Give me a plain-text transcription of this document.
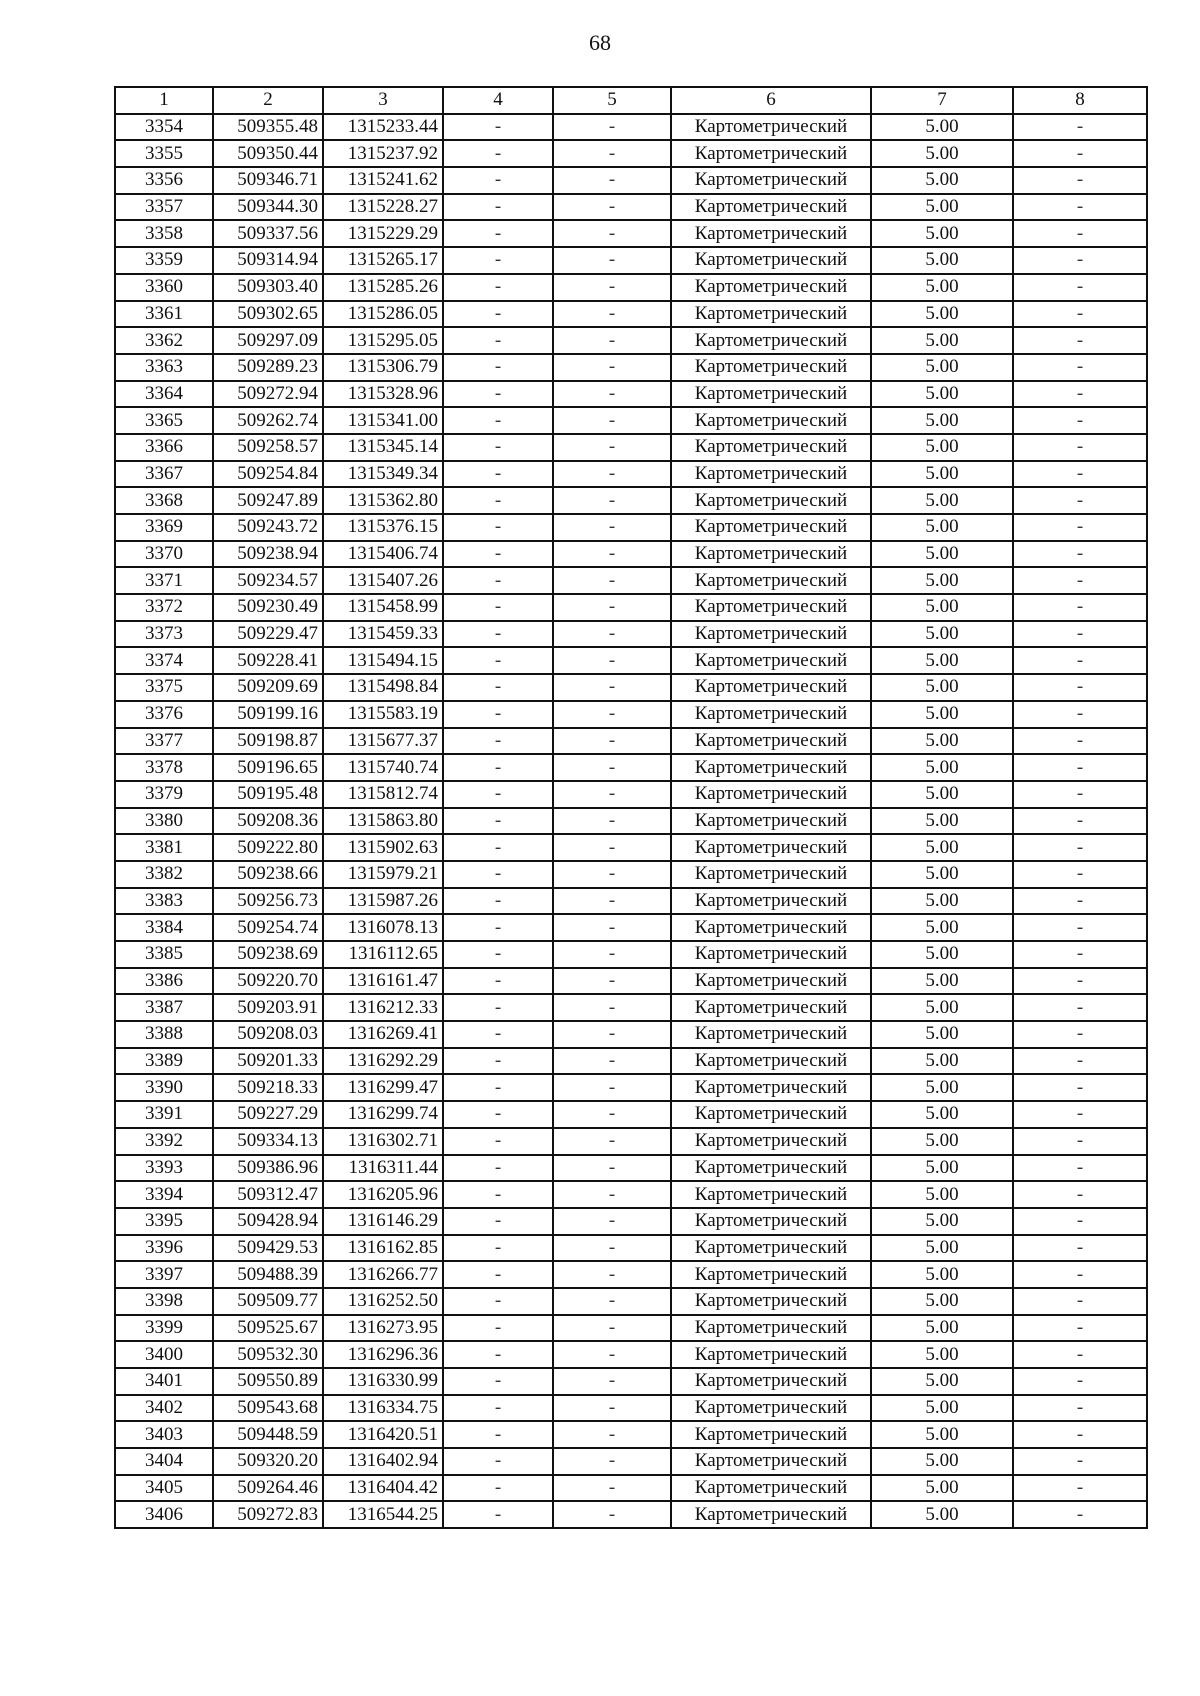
68
1	2	3	4	5	6	7	8
3354	509355.48	1315233.44	-	-	Картометрический	5.00	-
3355	509350.44	1315237.92	-	-	Картометрический	5.00	-
3356	509346.71	1315241.62	-	-	Картометрический	5.00	-
3357	509344.30	1315228.27	-	-	Картометрический	5.00	-
3358	509337.56	1315229.29	-	-	Картометрический	5.00	-
3359	509314.94	1315265.17	-	-	Картометрический	5.00	-
3360	509303.40	1315285.26	-	-	Картометрический	5.00	-
3361	509302.65	1315286.05	-	-	Картометрический	5.00	-
3362	509297.09	1315295.05	-	-	Картометрический	5.00	-
3363	509289.23	1315306.79	-	-	Картометрический	5.00	-
3364	509272.94	1315328.96	-	-	Картометрический	5.00	-
3365	509262.74	1315341.00	-	-	Картометрический	5.00	-
3366	509258.57	1315345.14	-	-	Картометрический	5.00	-
3367	509254.84	1315349.34	-	-	Картометрический	5.00	-
3368	509247.89	1315362.80	-	-	Картометрический	5.00	-
3369	509243.72	1315376.15	-	-	Картометрический	5.00	-
3370	509238.94	1315406.74	-	-	Картометрический	5.00	-
3371	509234.57	1315407.26	-	-	Картометрический	5.00	-
3372	509230.49	1315458.99	-	-	Картометрический	5.00	-
3373	509229.47	1315459.33	-	-	Картометрический	5.00	-
3374	509228.41	1315494.15	-	-	Картометрический	5.00	-
3375	509209.69	1315498.84	-	-	Картометрический	5.00	-
3376	509199.16	1315583.19	-	-	Картометрический	5.00	-
3377	509198.87	1315677.37	-	-	Картометрический	5.00	-
3378	509196.65	1315740.74	-	-	Картометрический	5.00	-
3379	509195.48	1315812.74	-	-	Картометрический	5.00	-
3380	509208.36	1315863.80	-	-	Картометрический	5.00	-
3381	509222.80	1315902.63	-	-	Картометрический	5.00	-
3382	509238.66	1315979.21	-	-	Картометрический	5.00	-
3383	509256.73	1315987.26	-	-	Картометрический	5.00	-
3384	509254.74	1316078.13	-	-	Картометрический	5.00	-
3385	509238.69	1316112.65	-	-	Картометрический	5.00	-
3386	509220.70	1316161.47	-	-	Картометрический	5.00	-
3387	509203.91	1316212.33	-	-	Картометрический	5.00	-
3388	509208.03	1316269.41	-	-	Картометрический	5.00	-
3389	509201.33	1316292.29	-	-	Картометрический	5.00	-
3390	509218.33	1316299.47	-	-	Картометрический	5.00	-
3391	509227.29	1316299.74	-	-	Картометрический	5.00	-
3392	509334.13	1316302.71	-	-	Картометрический	5.00	-
3393	509386.96	1316311.44	-	-	Картометрический	5.00	-
3394	509312.47	1316205.96	-	-	Картометрический	5.00	-
3395	509428.94	1316146.29	-	-	Картометрический	5.00	-
3396	509429.53	1316162.85	-	-	Картометрический	5.00	-
3397	509488.39	1316266.77	-	-	Картометрический	5.00	-
3398	509509.77	1316252.50	-	-	Картометрический	5.00	-
3399	509525.67	1316273.95	-	-	Картометрический	5.00	-
3400	509532.30	1316296.36	-	-	Картометрический	5.00	-
3401	509550.89	1316330.99	-	-	Картометрический	5.00	-
3402	509543.68	1316334.75	-	-	Картометрический	5.00	-
3403	509448.59	1316420.51	-	-	Картометрический	5.00	-
3404	509320.20	1316402.94	-	-	Картометрический	5.00	-
3405	509264.46	1316404.42	-	-	Картометрический	5.00	-
3406	509272.83	1316544.25	-	-	Картометрический	5.00	-
